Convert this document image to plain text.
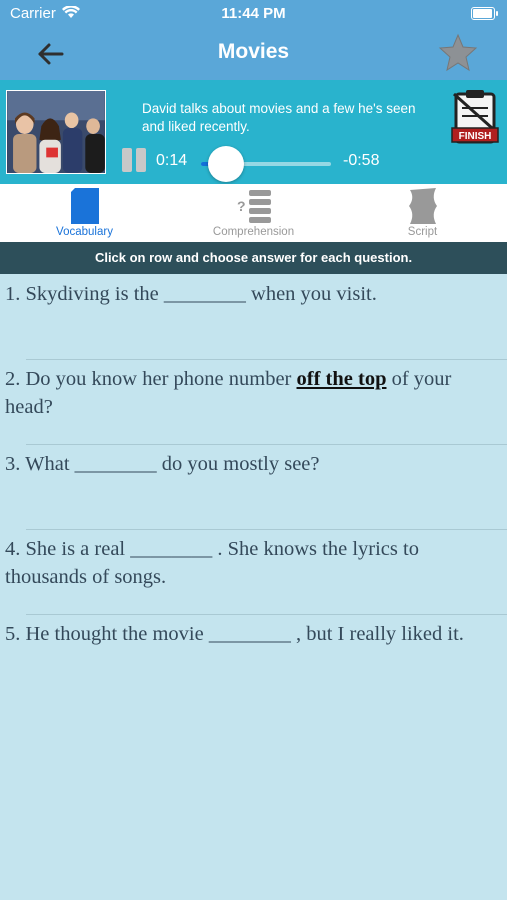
Carrier	11:44 PM
Movies
David talks about movies and a few he's seen and liked recently.
FINISH
0:14	-0:58
Vocabulary
?
Comprehension	Script
Click on row and choose answer for each question.
1. Skydiving is the ________ when you visit.
2. Do you know her phone number off the top of your head?
3. What ________ do you mostly see?
4. She is a real ________ . She knows the lyrics to thousands of songs.
5. He thought the movie ________ , but I really liked it.
